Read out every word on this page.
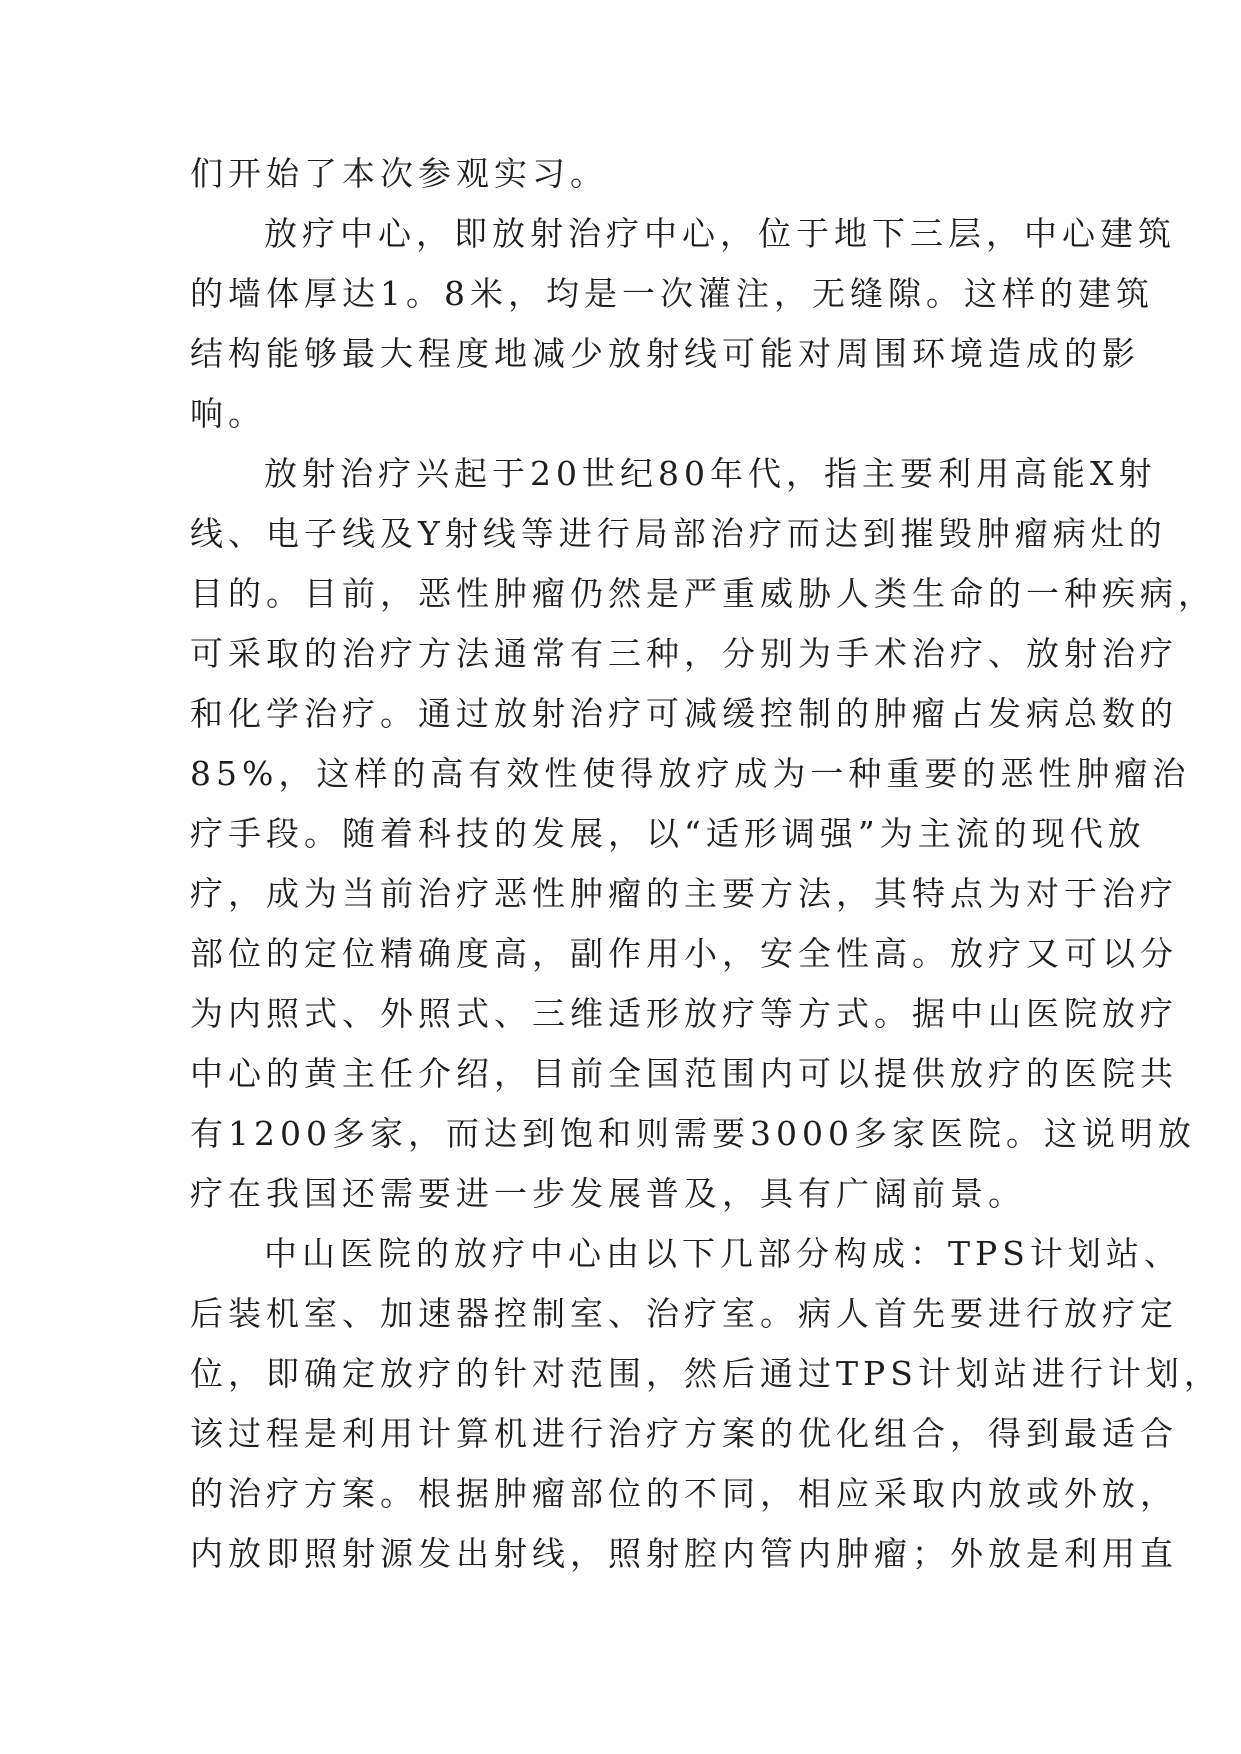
们开始了本次参观实习。
放疗中心，即放射治疗中心，位于地下三层，中心建筑
的墙体厚达1。8米，均是一次灌注，无缝隙。这样的建筑
结构能够最大程度地减少放射线可能对周围环境造成的影
响。
放射治疗兴起于20世纪80年代，指主要利用高能X射
线、电子线及Y射线等进行局部治疗而达到摧毁肿瘤病灶的
目的。目前，恶性肿瘤仍然是严重威胁人类生命的一种疾病，
可采取的治疗方法通常有三种，分别为手术治疗、放射治疗
和化学治疗。通过放射治疗可减缓控制的肿瘤占发病总数的
85%，这样的高有效性使得放疗成为一种重要的恶性肿瘤治
疗手段。随着科技的发展，以“适形调强”为主流的现代放
疗，成为当前治疗恶性肿瘤的主要方法，其特点为对于治疗
部位的定位精确度高，副作用小，安全性高。放疗又可以分
为内照式、外照式、三维适形放疗等方式。据中山医院放疗
中心的黄主任介绍，目前全国范围内可以提供放疗的医院共
有1200多家，而达到饱和则需要3000多家医院。这说明放
疗在我国还需要进一步发展普及，具有广阔前景。
中山医院的放疗中心由以下几部分构成：TPS计划站、
后装机室、加速器控制室、治疗室。病人首先要进行放疗定
位，即确定放疗的针对范围，然后通过TPS计划站进行计划，
该过程是利用计算机进行治疗方案的优化组合，得到最适合
的治疗方案。根据肿瘤部位的不同，相应采取内放或外放，
内放即照射源发出射线，照射腔内管内肿瘤；外放是利用直
